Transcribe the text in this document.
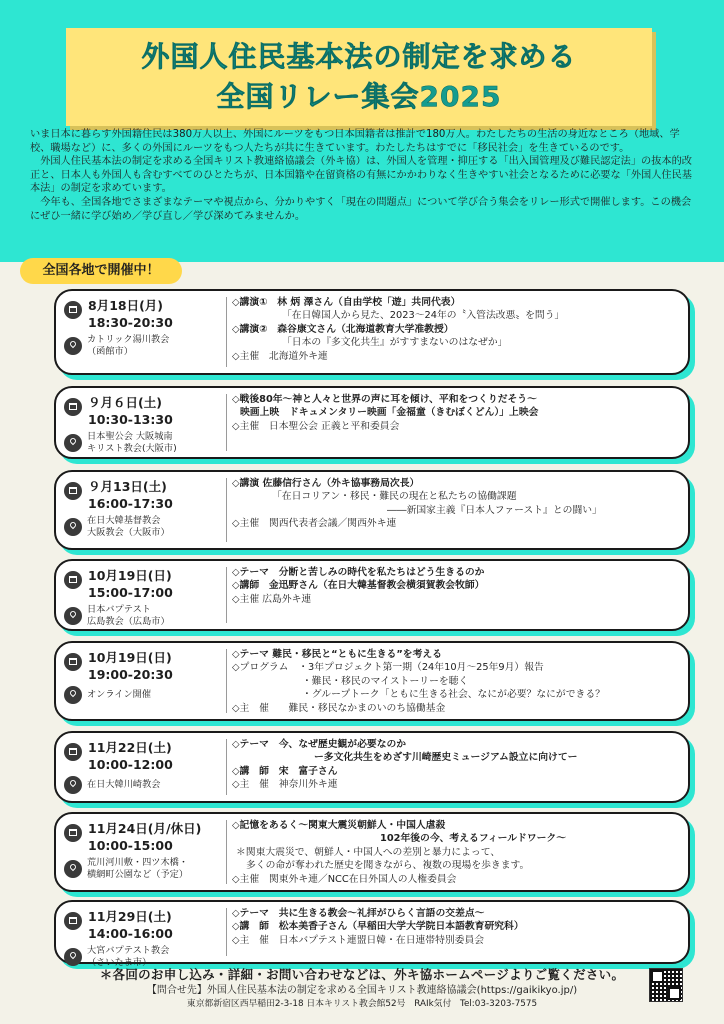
外国人住民基本法の制定を求める
全国リレー集会2025

いま日本に暮らす外国籍住民は380万人以上、外国にルーツをもつ日本国籍者は推計で180万人。わたしたちの生活の身近なところ（地域、学校、職場など）に、多くの外国にルーツをもつ人たちが共に生きています。わたしたちはすでに「移民社会」を生きているのです。

外国人住民基本法の制定を求める全国キリスト教連絡協議会（外キ協）は、外国人を管理・抑圧する「出入国管理及び難民認定法」の抜本的改正と、日本人も外国人も含むすべてのひとたちが、日本国籍や在留資格の有無にかかわりなく生きやすい社会となるために必要な「外国人住民基本法」の制定を求めています。

今年も、全国各地でさまざまなテーマや視点から、分かりやすく「現在の問題点」について学び合う集会をリレー形式で開催します。この機会にぜひ一緒に学び始め／学び直し／学び深めてみませんか。

全国各地で開催中！
8月18日(月)
18:30-20:30
カトリック湯川教会
（函館市）
◇講演①　林 炳 澤さん（自由学校「遊」共同代表）
「在日韓国人から見た、2023～24年の〝入管法改悪〟を問う」
◇講演②　森谷康文さん（北海道教育大学准教授）
「日本の『多文化共生』がすすまないのはなぜか」
◇主催　北海道外キ連
９月６日(土)
10:30-13:30
日本聖公会 大阪城南
キリスト教会(大阪市)
◇戦後80年～神と人々と世界の声に耳を傾け、平和をつくりだそう～
映画上映　ドキュメンタリー映画「金福童（きむぼくどん）」上映会
◇主催　日本聖公会 正義と平和委員会
９月13日(土)
16:00-17:30
在日大韓基督教会
大阪教会（大阪市）
◇講演 佐藤信行さん（外キ協事務局次長）
「在日コリアン・移民・難民の現在と私たちの協働課題
――新国家主義『日本人ファースト』との闘い」
◇主催　関西代表者会議／関西外キ連
10月19日(日)
15:00-17:00
日本バプテスト
広島教会（広島市）
◇テーマ　分断と苦しみの時代を私たちはどう生きるのか
◇講師　金迅野さん（在日大韓基督教会横須賀教会牧師）
◇主催 広島外キ連
10月19日(日)
19:00-20:30
オンライン開催
◇テーマ 難民・移民と“ともに生きる”を考える
◇プログラム　・3年プロジェクト第一期（24年10月～25年9月）報告
・難民・移民のマイストーリーを聴く
・グループトーク「ともに生きる社会、なにが必要？なにができる？
◇主　催　　難民・移民なかまのいのち協働基金
11月22日(土)
10:00-12:00
在日大韓川崎教会
◇テーマ　今、なぜ歴史観が必要なのか
ー多文化共生をめざす川崎歴史ミュージアム設立に向けてー
◇講　師　宋　富子さん
◇主　催　神奈川外キ連
11月24日(月/休日)
10:00-15:00
荒川河川敷・四ツ木橋・
横網町公園など（予定）
◇記憶をあるく～関東大震災朝鮮人・中国人虐殺
102年後の今、考えるフィールドワーク～
＊関東大震災で、朝鮮人・中国人への差別と暴力によって、
多くの命が奪われた歴史を聞きながら、複数の現場を歩きます。
◇主催　関東外キ連／NCC在日外国人の人権委員会
11月29日(土)
14:00-16:00
大宮バプテスト教会
（さいたま市）
◇テーマ　共に生きる教会～礼拝がひらく言語の交差点～
◇講　師　松本美香子さん（早稲田大学大学院日本語教育研究科）
◇主　催　日本バプテスト連盟日韓・在日連帯特別委員会
＊各回のお申し込み・詳細・お問い合わせなどは、外キ協ホームページよりご覧ください。
【問合せ先】外国人住民基本法の制定を求める全国キリスト教連絡協議会(https://gaikikyo.jp/)
東京都新宿区西早稲田2-3-18 日本キリスト教会館52号　RAIk気付　Tel:03-3203-7575
